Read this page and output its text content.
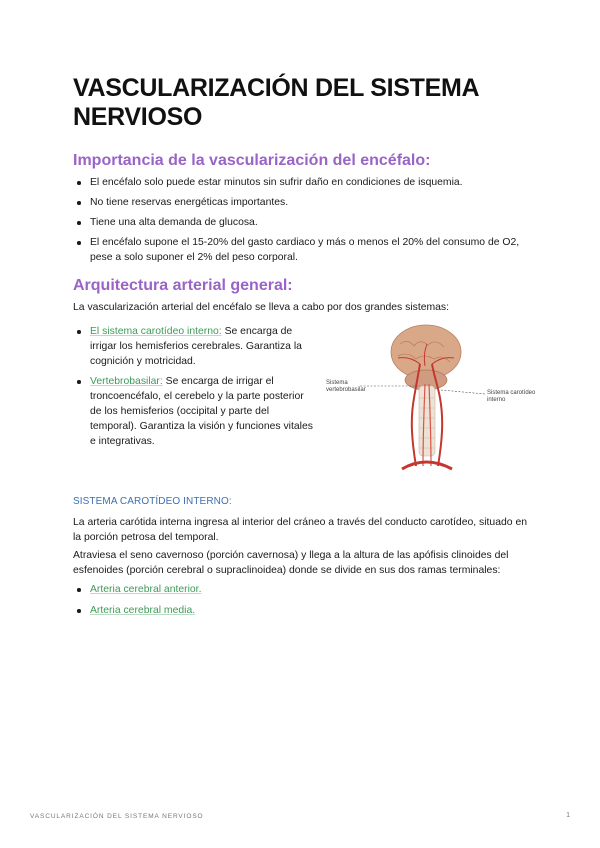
VASCULARIZACIÓN DEL SISTEMA NERVIOSO
Importancia de la vascularización del encéfalo:
El encéfalo solo puede estar minutos sin sufrir daño en condiciones de isquemia.
No tiene reservas energéticas importantes.
Tiene una alta demanda de glucosa.
El encéfalo supone el 15-20% del gasto cardiaco y más o menos el 20% del consumo de O2, pese a solo suponer el 2% del peso corporal.
Arquitectura arterial general:

La vascularización arterial del encéfalo se lleva a cabo por dos grandes sistemas:

El sistema carotídeo interno: Se encarga de irrigar los hemisferios cerebrales. Garantiza la cognición y motricidad.
Vertebrobasilar: Se encarga de irrigar el troncoencéfalo, el cerebelo y la parte posterior de los hemisferios (occipital y parte del temporal). Garantiza la visión y funciones vitales e integrativas.
Sistema
vertebrobasilar	Sistema carotídeo
interno

SISTEMA CAROTÍDEO INTERNO:

La arteria carótida interna ingresa al interior del cráneo a través del conducto carotídeo, situado en la porción petrosa del temporal.

Atraviesa el seno cavernoso (porción cavernosa) y llega a la altura de las apófisis clinoides del esfenoides (porción cerebral o supraclinoidea) donde se divide en sus dos ramas terminales:

Arteria cerebral anterior.
Arteria cerebral media.
VASCULARIZACIÓN DEL SISTEMA NERVIOSO	1
